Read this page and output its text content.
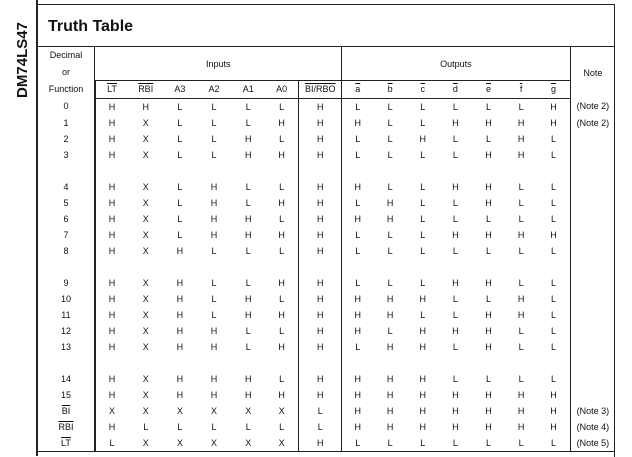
DM74LS47 Truth Table
Decimal
or
Function	Inputs							Outputs							Note
	$\overline{LT}$	$\overline{RBI}$	A3	A2	A1	A0	BI/RBO	$\overline{a}$	$\overline{b}$	$\overline{c}$	$\overline{d}$	$\overline{e}$	$\overline{f}$	$\overline{g}$
0	H	H	L	L	L	L	H	L	L	L	L	L	L	H	(Note 2)
1	H	X	L	L	L	H	H	H	L	L	H	H	H	H	(Note 2)
2	H	X	L	L	H	L	H	L	L	H	L	L	H	L	
3	H	X	L	L	H	H	H	L	L	L	L	H	H	L	

4	H	X	L	H	L	L	H	H	L	L	H	H	L	L	
5	H	X	L	H	L	H	H	L	H	L	L	H	L	L	
6	H	X	L	H	H	L	H	H	H	L	L	L	L	L	
7	H	X	L	H	H	H	H	L	L	L	H	H	H	H	
8	H	X	H	L	L	L	H	L	L	L	L	L	L	L	

9	H	X	H	L	L	H	H	L	L	L	H	H	L	L	
10	H	X	H	L	H	L	H	H	H	H	L	L	H	L	
11	H	X	H	L	H	H	H	H	H	L	L	H	H	L	
12	H	X	H	H	L	L	H	H	L	H	H	H	L	L	
13	H	X	H	H	L	H	H	L	H	H	L	H	L	L	

14	H	X	H	H	H	L	H	H	H	H	L	L	L	L	
15	H	X	H	H	H	H	H	H	H	H	H	H	H	H	
$\overline{BI}$	X	X	X	X	X	X	L	H	H	H	H	H	H	H	(Note 3)
$\overline{RBI}$	H	L	L	L	L	L	L	H	H	H	H	H	H	H	(Note 4)
$\overline{LT}$	L	X	X	X	X	X	H	L	L	L	L	L	L	L	(Note 5)
